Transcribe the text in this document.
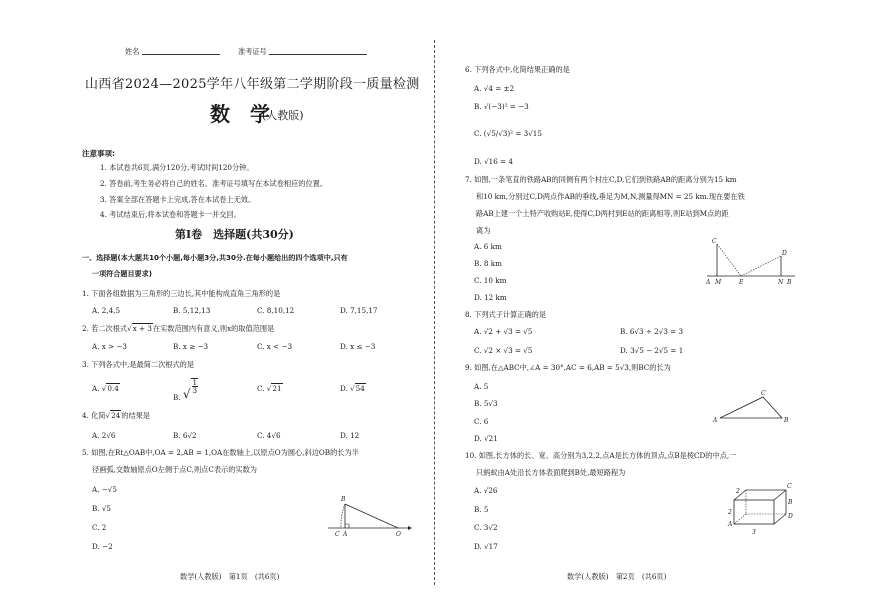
姓名	准考证号
山西省2024—2025学年八年级第二学期阶段一质量检测
数　学
(人教版)
注意事项:
1. 本试卷共6页,满分120分,考试时间120分钟。
2. 答卷前,考生务必将自己的姓名、准考证号填写在本试卷相应的位置。
3. 答案全部在答题卡上完成,答在本试卷上无效。
4. 考试结束后,将本试卷和答题卡一并交回。
第Ⅰ卷　选择题(共30分)
一、选择题(本大题共10个小题,每小题3分,共30分.在每小题给出的四个选项中,只有
一项符合题目要求)
1. 下面各组数据为三角形的三边长,其中能构成直角三角形的是
A. 2,4,5	B. 5,12,13	C. 8,10,12	D. 7,15,17
2. 若二次根式√x + 3在实数范围内有意义,则x的取值范围是
A. x > −3	B. x ≥ −3	C. x < −3	D. x ≤ −3
3. 下列各式中,是最简二次根式的是
A. √0.4
B. √ $\frac{1}{3}$	C. √21	D. √54
4. 化简√24的结果是
A. 2√6	B. 6√2	C. 4√6	D. 12
5. 如图,在Rt△OAB中,OA = 2,AB = 1,OA在数轴上,以原点O为圆心,斜边OB的长为半
径画弧,交数轴原点O左侧于点C,则点C表示的实数为
A. −√5
B. √5
C. 2
D. −2
B
C A	O
数学(人教版)　第1页　(共6页)
6. 下列各式中,化简结果正确的是
A. √4 = ±2
B. √(−3)² = −3
C. (√5/√3)² = 3√15
D. √16 = 4
7. 如图,一条笔直的铁路AB的同侧有两个村庄C,D,它们到铁路AB的距离分别为15 km
和10 km,分别过C,D两点作AB的垂线,垂足为M,N,测量得MN = 25 km.现在要在铁
路AB上建一个土特产收购站E,使得C,D两村到E站的距离相等,则E站到M点的距
离为
A. 6 km
B. 8 km
C. 10 km
D. 12 km
C
D
A M	E	N B
8. 下列式子计算正确的是
A. √2 + √3 = √5	B. 6√3 ÷ 2√3 = 3
C. √2 × √3 = √5	D. 3√5 − 2√5 = 1
9. 如图,在△ABC中,∠A = 30°,AC = 6,AB = 5√3,则BC的长为
A. 5
B. 5√3
C. 6
D. √21
A
C
B
10. 如图,长方体的长、宽、高分别为3,2,2,点A是长方体的顶点,点B是棱CD的中点,一
只蚂蚁由A处沿长方体表面爬到B处,最短路程为
A. √26
B. 5
C. 3√2
D. √17
2
C
B
2
D
A
3
数学(人教版)　第2页　(共6页)
